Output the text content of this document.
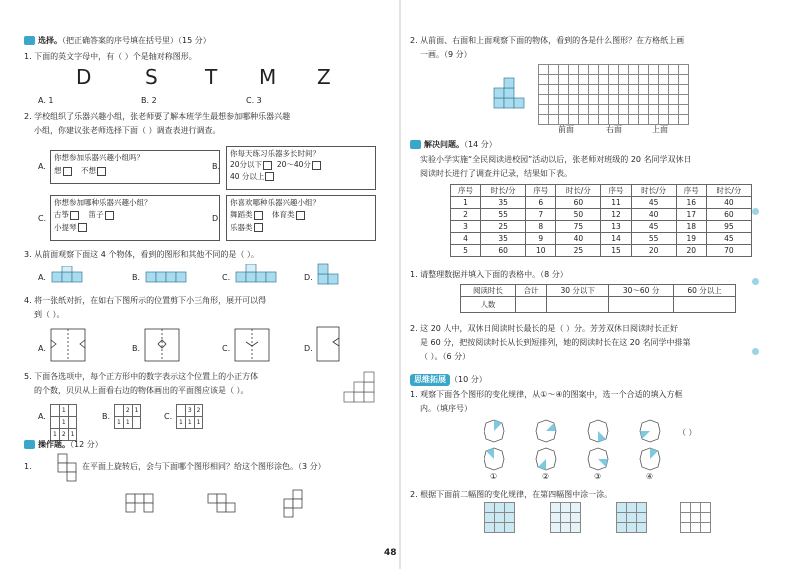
选择。（把正确答案的序号填在括号里）（15 分）
1. 下面的英文字母中，有（ ）个是轴对称图形。
D	S T M Z
A. 1	B. 2	C. 3
2. 学校组织了乐器兴趣小组，张老师要了解本班学生最想参加哪种乐器兴趣
小组，你建议张老师选择下面（ ）调查表进行调查。
A.
你想参加乐器兴趣小组吗？
想	不想	B.
你每天练习乐器多长时间？
20分以下 20～40分
40 分以上
C.
你想参加哪种乐器兴趣小组？
古筝	笛子
小提琴
D.
你喜欢哪种乐器兴趣小组？
舞蹈类	体育类
乐器类
3. 从前面观察下面这 4 个物体，看到的图形和其他不同的是（ ）。
A.	B.	C.	D.
4. 将一张纸对折，在如右下图所示的位置剪下小三角形，展开可以得
到（ ）。
A.	B.	C.	D.
5. 下面各选项中，每个正方形中的数字表示这个位置上的小正方体
的个数，贝贝从上面看右边的物体画出的平面图应该是（ ）。
A.
	1	
	1	
1	2	1
B.
	2	1
1	1	
C.
	3	2
1	1	1
操作题。（12 分）
1.	在平面上旋转后，会与下面哪个图形相同？给这个图形涂色。（3 分）
2. 从前面、右面和上面观察下面的物体，看到的各是什么图形？在方格纸上画
一画。（9 分）
前面	右面	上面
解决问题。（14 分）
实验小学实施“全民阅读进校园”活动以后，张老师对班级的 20 名同学双休日
阅读时长进行了调查并记录，结果如下表。
序号	时长/分	序号	时长/分	序号	时长/分	序号	时长/分
1	35	6	60	11	45	16	40
2	55	7	50	12	40	17	60
3	25	8	75	13	45	18	95
4	35	9	40	14	55	19	45
5	60	10	25	15	20	20	70
1. 请整理数据并填入下面的表格中。（8 分）
阅读时长	合计	30 分以下	30～60 分	60 分以上
人数				
2. 这 20 人中，双休日阅读时长最长的是（ ）分。芳芳双休日阅读时长正好
是 60 分，把按阅读时长从长到短排列，她的阅读时长在这 20 名同学中排第
（ ）。（6 分）
思维拓展 （10 分）
1. 观察下面各个图形的变化规律，从①～④的图案中，选一个合适的填入方框
内。（填序号）
（ ）
①	②	③	④
2. 根据下面前二幅图的变化规律，在第四幅图中涂一涂。
48
